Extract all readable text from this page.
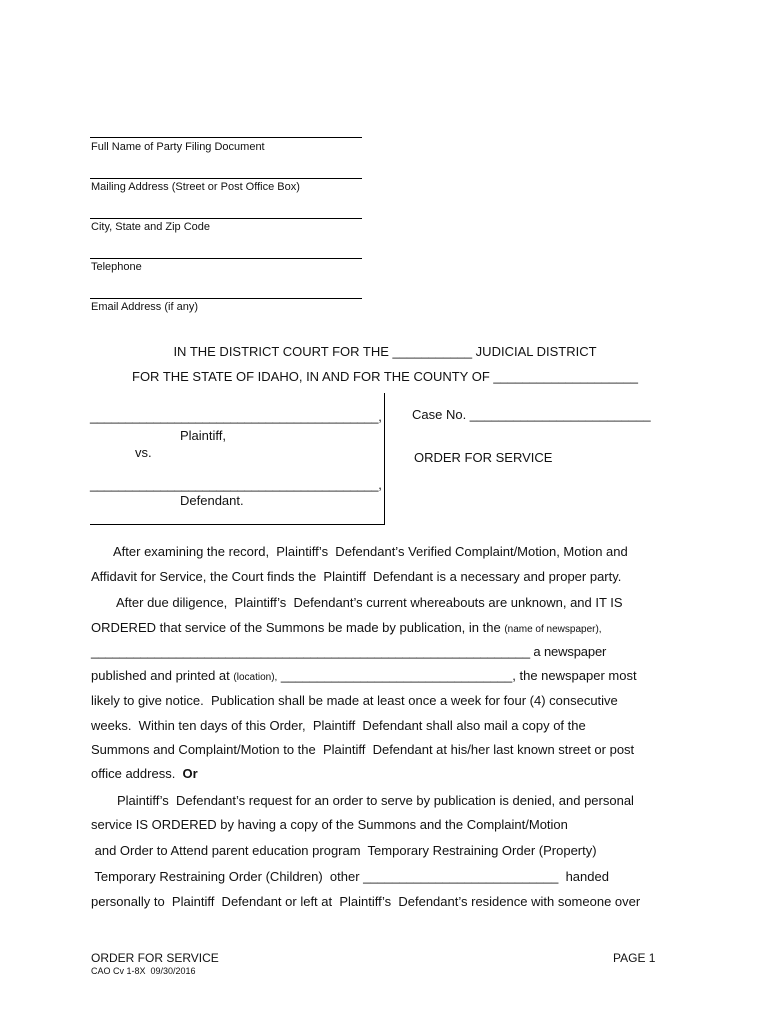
Full Name of Party Filing Document
Mailing Address (Street or Post Office Box)
City, State and Zip Code
Telephone
Email Address (if any)
IN THE DISTRICT COURT FOR THE ___________ JUDICIAL DISTRICT
FOR THE STATE OF IDAHO, IN AND FOR THE COUNTY OF ____________________
_________________________________________,
Plaintiff,
vs.
_________________________________________,
Defendant.
Case No. _________________________
ORDER FOR SERVICE
After examining the record,  Plaintiff’s  Defendant’s Verified Complaint/Motion, Motion and
Affidavit for Service, the Court finds the  Plaintiff  Defendant is a necessary and proper party.
After due diligence,  Plaintiff’s  Defendant’s current whereabouts are unknown, and IT IS
ORDERED that service of the Summons be made by publication, in the (name of newspaper),
______________________________________________________________ a newspaper
published and printed at (location), ________________________________, the newspaper most
likely to give notice.  Publication shall be made at least once a week for four (4) consecutive
weeks.  Within ten days of this Order,  Plaintiff  Defendant shall also mail a copy of the
Summons and Complaint/Motion to the  Plaintiff  Defendant at his/her last known street or post
office address.  Or
Plaintiff’s  Defendant’s request for an order to serve by publication is denied, and personal
service IS ORDERED by having a copy of the Summons and the Complaint/Motion
and Order to Attend parent education program  Temporary Restraining Order (Property)
Temporary Restraining Order (Children)  other ___________________________  handed
personally to  Plaintiff  Defendant or left at  Plaintiff’s  Defendant’s residence with someone over
ORDER FOR SERVICE
CAO Cv 1-8X  09/30/2016
PAGE 1
